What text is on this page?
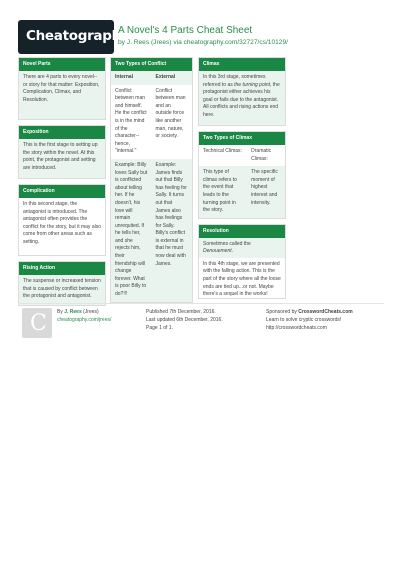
Cheatography
A Novel's 4 Parts Cheat Sheet
by J. Rees (Jrees) via cheatography.com/32727/cs/10129/
Novel Parts
There are 4 parts to every novel--or story for that matter: Exposition, Complication, Climax, and Resolution.
Exposition
This is the first stage to setting up the story within the novel. At this point, the protagonist and setting are introduced.
Complication
In this second stage, the antagonist is introduced. The antagonist often provides the conflict for the story, but it may also come from other areas such as setting.
Rising Action
The suspense or increased tension that is caused by conflict between the protagonist and antagonist.
Two Types of Conflict
Internal	External
Conflict between man and himself. He the conflict is in the mind of the character-- hence, "internal."	Conflict between man and an outside force like another man, nature, or society.
Example: Billy loves Sally but is conflicted about telling her. If he doesn't, his love will remain unrequited. If he tells her, and she rejects him, their friendship will change forever. What is poor Billy to do?!!!	Example: James finds out that Billy has feeling for Sally. It turns out that James also has feelings for Sally. Billy's conflict is external in that he must now deal with James.
Climax
In this 3rd stage, sometimes referred to as the turning point, the protagonist either achieves his goal or fails due to the antagonist. All conflicts and rising actions end here.
Two Types of Climax
Technical Climax:	Dramatic Climax:
This type of climax refers to the event that leads to the turning point in the story.	The specific moment of highest interest and intensity.
Resolution
Sometimes called the Denouement.
In this 4th stage, we are presented with the falling action. This is the part of the story where all the loose ends are tied up...or not. Maybe there's a sequel in the works!
C By J. Rees (Jrees)
cheatography.com/jrees/
Published 7th December, 2016.
Last updated 6th December, 2016.
Page 1 of 1.
Sponsored by CrosswordCheats.com
Learn to solve cryptic crosswords!
http://crosswordcheats.com
